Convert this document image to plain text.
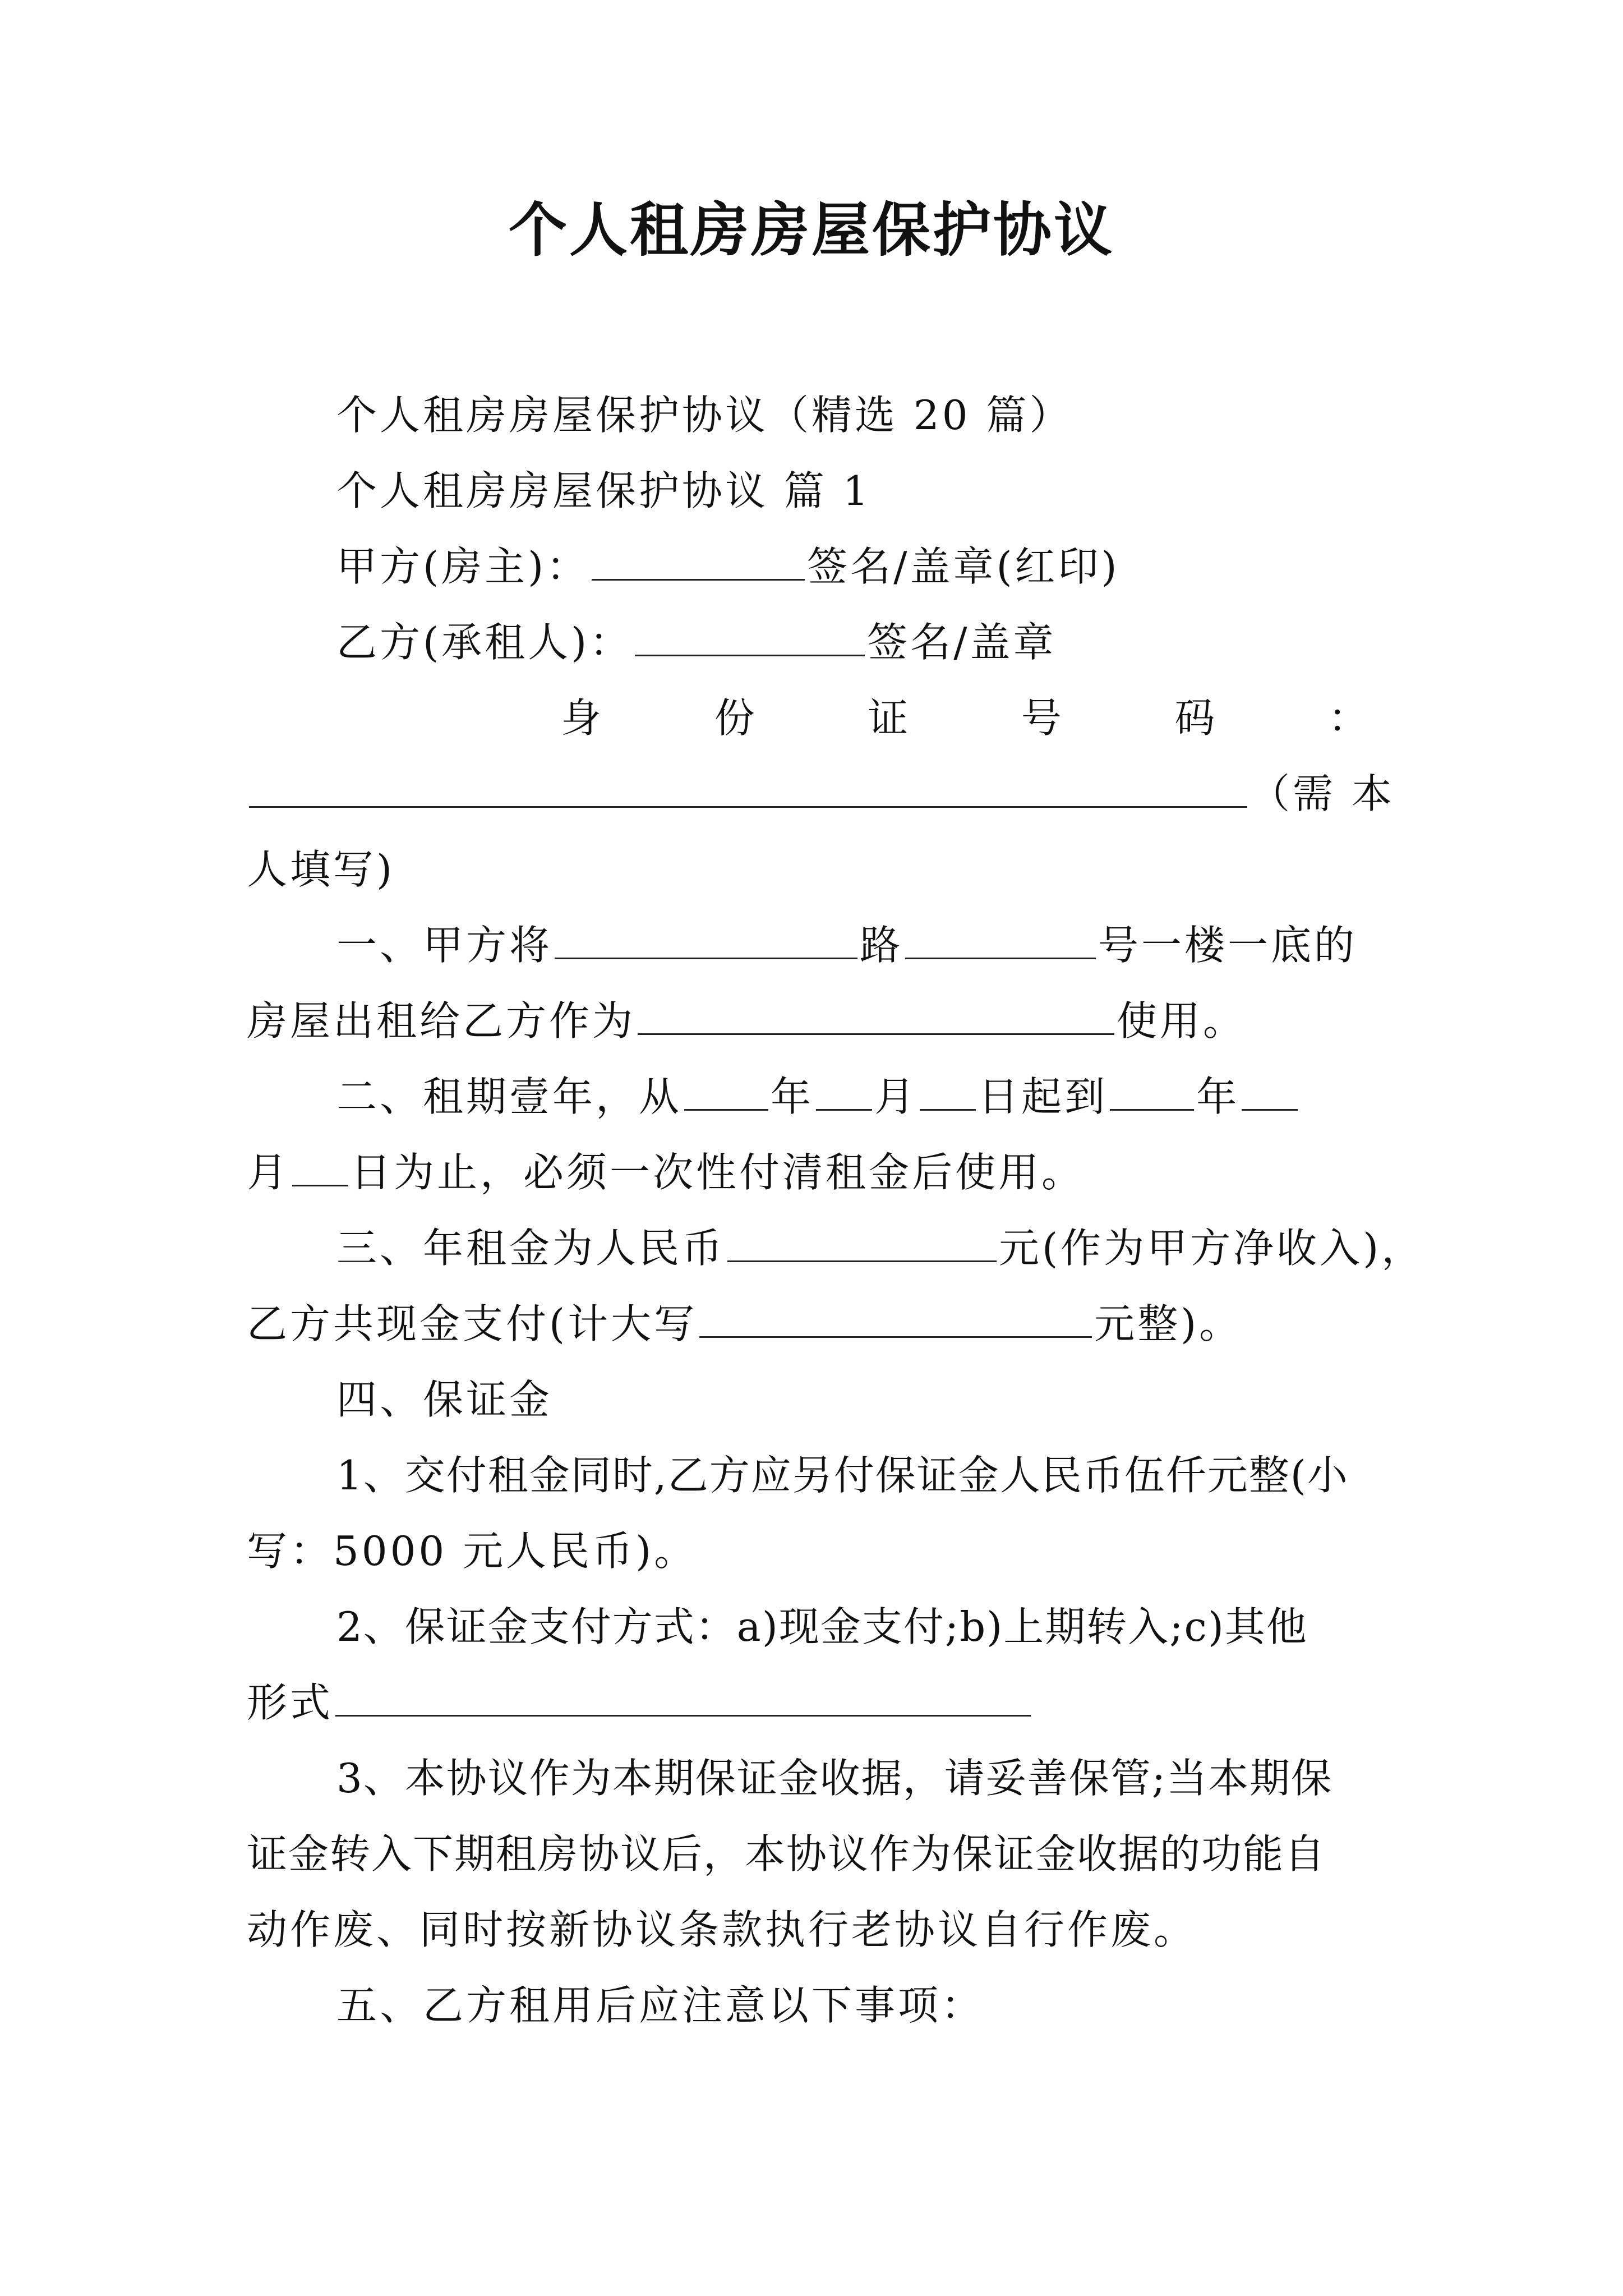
个人租房房屋保护协议
个人租房房屋保护协议（精选 20 篇）
个人租房房屋保护协议 篇 1
甲方(房主)：	签名/盖章(红印)
乙方(承租人)：	签名/盖章
身	份	证	号	码	：
（需 本
人填写)
一、甲方将	路	号一楼一底的
房屋出租给乙方作为	使用。
二、租期壹年，从 年 月 日起到 年
月 日为止，必须一次性付清租金后使用。
三、年租金为人民币	元(作为甲方净收入)，
乙方共现金支付(计大写	元整)。
四、保证金
1、交付租金同时,乙方应另付保证金人民币伍仟元整(小
写：5000 元人民币)。
2、保证金支付方式：a)现金支付;b)上期转入;c)其他
形式
3、本协议作为本期保证金收据，请妥善保管;当本期保
证金转入下期租房协议后，本协议作为保证金收据的功能自
动作废、同时按新协议条款执行老协议自行作废。
五、乙方租用后应注意以下事项：
